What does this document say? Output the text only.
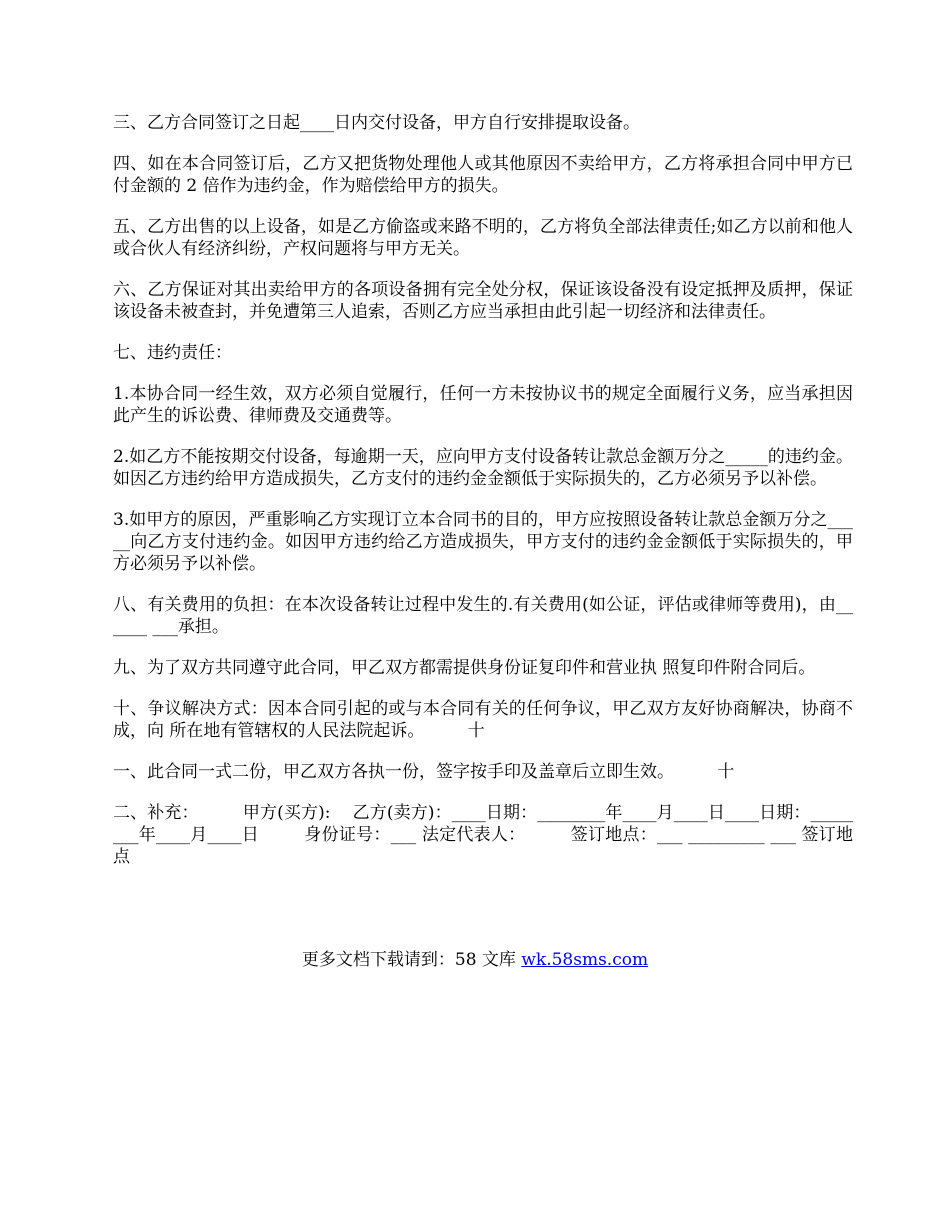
三、乙方合同签订之日起____日内交付设备，甲方自行安排提取设备。

四、如在本合同签订后，乙方又把货物处理他人或其他原因不卖给甲方，乙方将承担合同中甲方已付金额的 2 倍作为违约金，作为赔偿给甲方的损失。

五、乙方出售的以上设备，如是乙方偷盗或来路不明的，乙方将负全部法律责任;如乙方以前和他人或合伙人有经济纠纷，产权问题将与甲方无关。

六、乙方保证对其出卖给甲方的各项设备拥有完全处分权，保证该设备没有设定抵押及质押，保证该设备未被查封，并免遭第三人追索，否则乙方应当承担由此引起一切经济和法律责任。

七、违约责任：

1.本协合同一经生效，双方必须自觉履行，任何一方未按协议书的规定全面履行义务，应当承担因此产生的诉讼费、律师费及交通费等。

2.如乙方不能按期交付设备，每逾期一天，应向甲方支付设备转让款总金额万分之_____的违约金。如因乙方违约给甲方造成损失，乙方支付的违约金金额低于实际损失的，乙方必须另予以补偿。

3.如甲方的原因，严重影响乙方实现订立本合同书的目的，甲方应按照设备转让款总金额万分之_____向乙方支付违约金。如因甲方违约给乙方造成损失，甲方支付的违约金金额低于实际损失的，甲方必须另予以补偿。

八、有关费用的负担：在本次设备转让过程中发生的.有关费用(如公证，评估或律师等费用)，由______ ___承担。

九、为了双方共同遵守此合同，甲乙双方都需提供身份证复印件和营业执 照复印件附合同后。

十、争议解决方式：因本合同引起的或与本合同有关的任何争议，甲乙双方友好协商解决，协商不成，向 所在地有管辖权的人民法院起诉。        十

一、此合同一式二份，甲乙双方各执一份，签字按手印及盖章后立即生效。        十

二、补充：        甲方(买方):    乙方(卖方)：____日期：________年____月____日____日期：________年____月____日        身份证号：___ 法定代表人：        签订地点：___ _________ ___ 签订地点

更多文档下载请到：58 文库 wk.58sms.com
